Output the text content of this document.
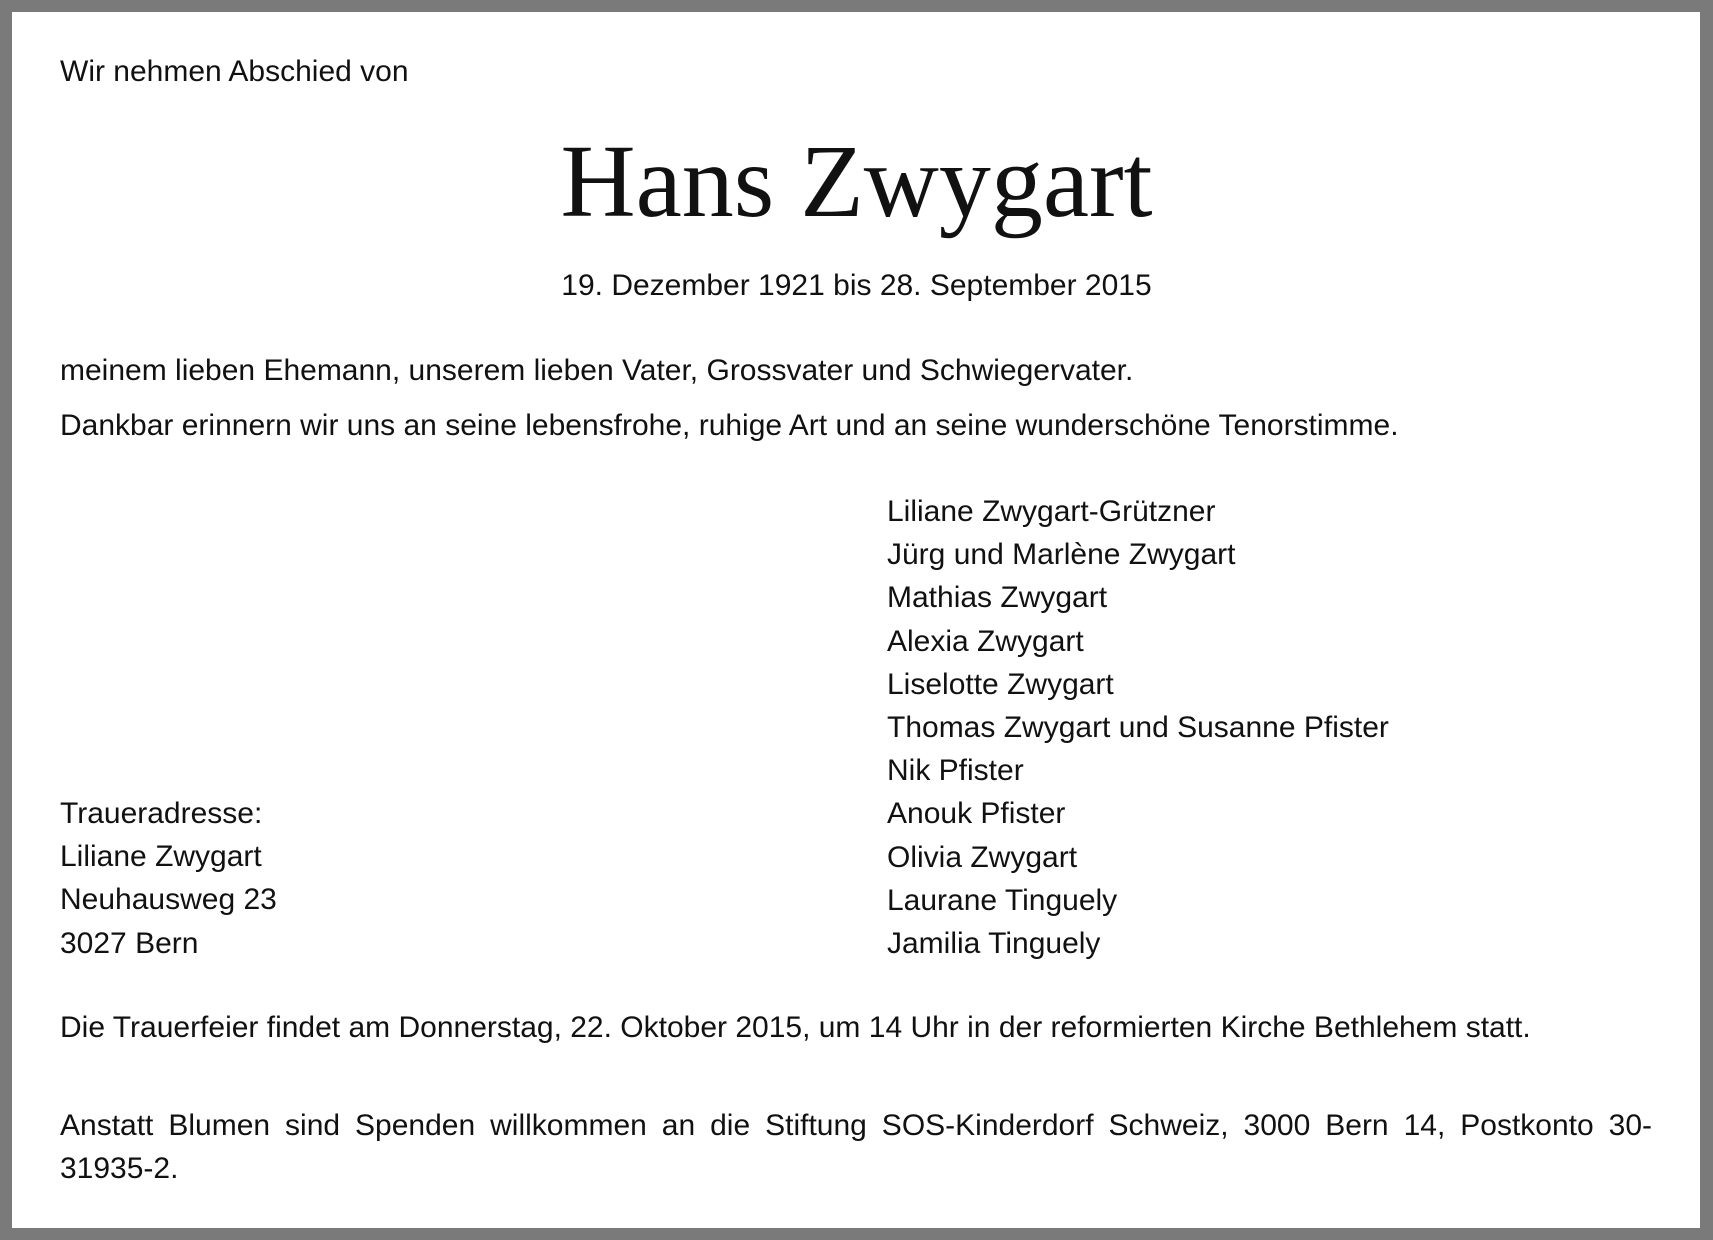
Wir nehmen Abschied von
Hans Zwygart
19. Dezember 1921 bis 28. September 2015
meinem lieben Ehemann, unserem lieben Vater, Grossvater und Schwiegervater.
Dankbar erinnern wir uns an seine lebensfrohe, ruhige Art und an seine wunderschöne Tenorstimme.
Liliane Zwygart-Grützner
Jürg und Marlène Zwygart
Mathias Zwygart
Alexia Zwygart
Liselotte Zwygart
Thomas Zwygart und Susanne Pfister
Nik Pfister
Anouk Pfister
Olivia Zwygart
Laurane Tinguely
Jamilia Tinguely
Traueradresse:
Liliane Zwygart
Neuhausweg 23
3027 Bern
Die Trauerfeier findet am Donnerstag, 22. Oktober 2015, um 14 Uhr in der reformierten Kirche Bethlehem statt.
Anstatt Blumen sind Spenden willkommen an die Stiftung SOS-Kinderdorf Schweiz, 3000 Bern 14, Postkonto 30-31935-2.
